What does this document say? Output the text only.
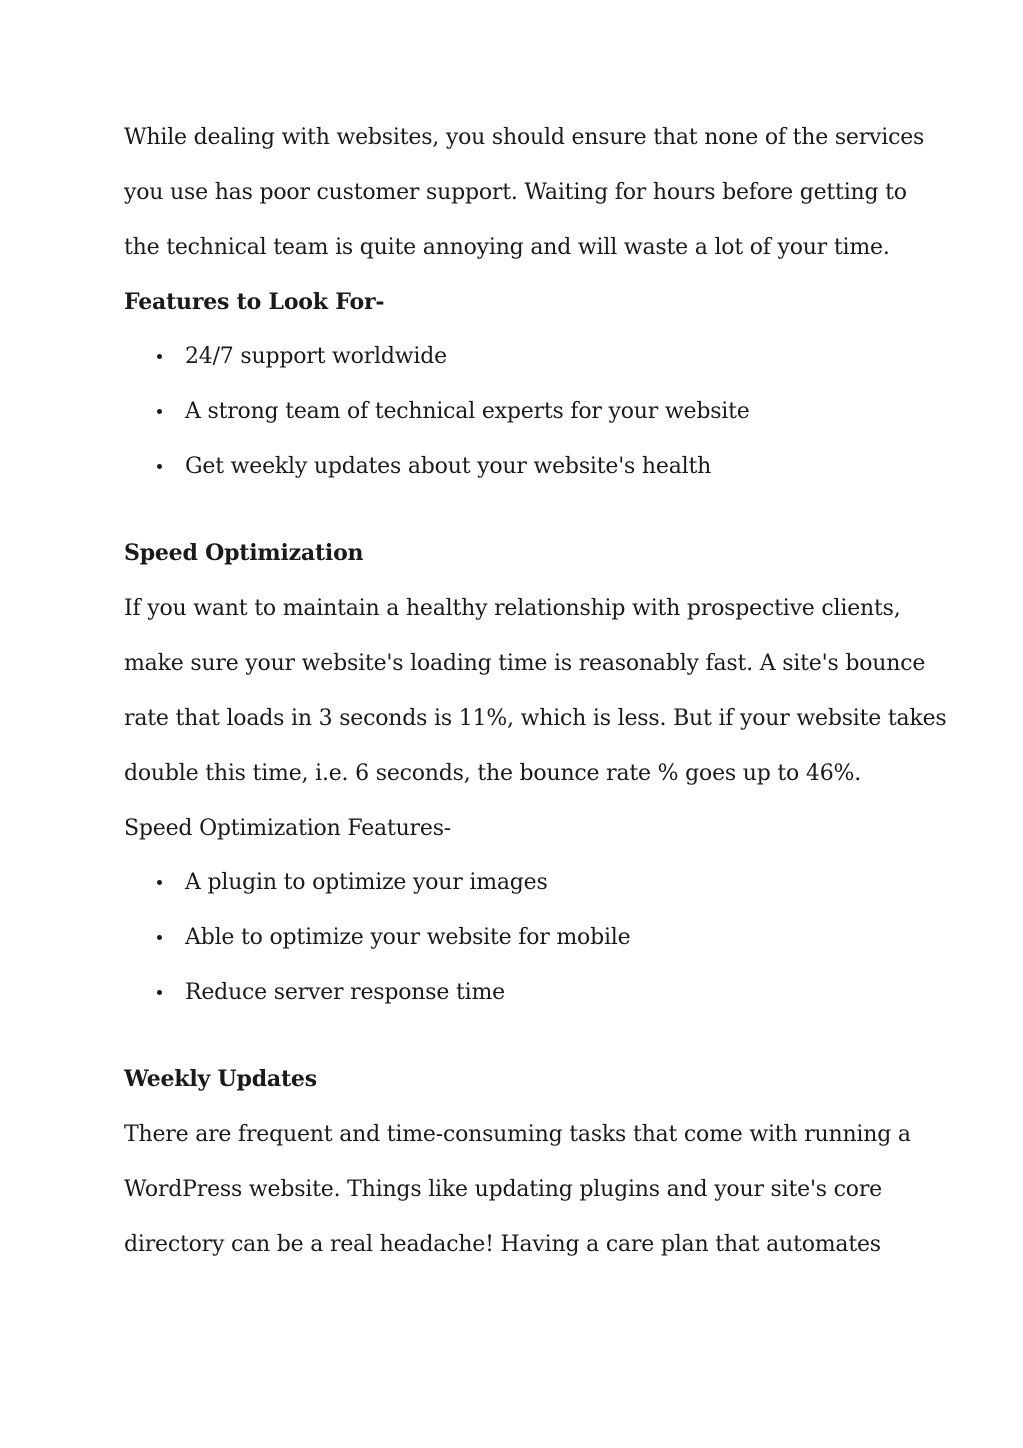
While dealing with websites, you should ensure that none of the services
you use has poor customer support. Waiting for hours before getting to
the technical team is quite annoying and will waste a lot of your time.

Features to Look For-

24/7 support worldwide
A strong team of technical experts for your website
Get weekly updates about your website's health

Speed Optimization

If you want to maintain a healthy relationship with prospective clients,
make sure your website's loading time is reasonably fast. A site's bounce
rate that loads in 3 seconds is 11%, which is less. But if your website takes
double this time, i.e. 6 seconds, the bounce rate % goes up to 46%.
Speed Optimization Features-

A plugin to optimize your images
Able to optimize your website for mobile
Reduce server response time

Weekly Updates

There are frequent and time-consuming tasks that come with running a
WordPress website. Things like updating plugins and your site's core
directory can be a real headache! Having a care plan that automates
